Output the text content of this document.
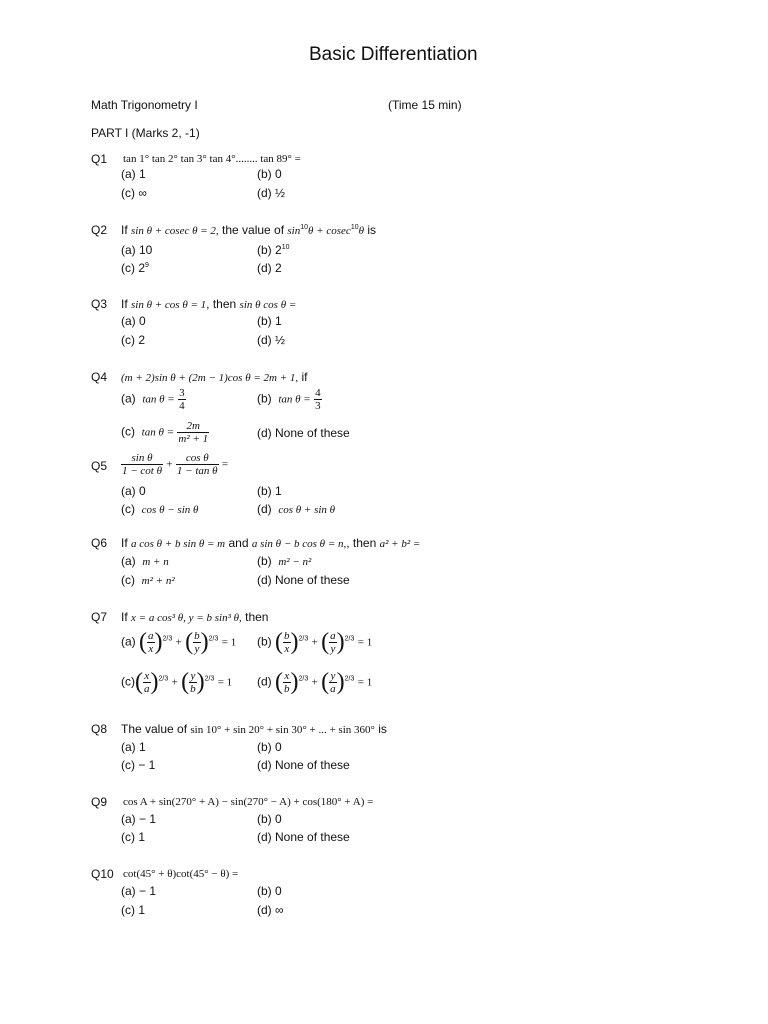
Basic Differentiation
Math Trigonometry I	(Time 15 min)
PART I (Marks 2, -1)
Q1 tan 1° tan 2° tan 3° tan 4°........ tan 89° =
(a) 1	(b) 0
(c) ∞	(d) ½
Q2 If sin θ + cosec θ = 2, the value of $\sin^{10}\theta + cosec^{10}\theta$ is
(a) 10	(b) $2^{10}$
(c) $2^9$	(d) 2
Q3 If sin θ + cos θ = 1, then sin θ cos θ =
(a) 0	(b) 1
(c) 2	(d) ½
Q4 (m + 2)sin θ + (2m − 1)cos θ = 2m + 1, if
(a) $\tan \theta = \frac{3}{4}$	(b) $\tan \theta = \frac{4}{3}$
(c) $\tan \theta = \frac{2m}{\text{m² + 1}}$	(d) None of these
$Q5 \frac{\text{sin θ}}{\text{1 − cot θ}} + \frac{\text{cos θ}}{\text{1 − tan θ}}$ =
(a) 0	(b) 1
(c) cos θ − sin θ	(d) cos θ + sin θ
Q6 If a cos θ + b sin θ = m and a sin θ − b cos θ = n,, then a² + b² =
(a) m + n	(b) m² − n²
(c) m² + n²	(d) None of these
Q7 If x = a cos³ θ, y = b sin³ θ, then
(a) ( $\frac{a}{x} )^{2/3}$ + ( $\frac{b}{y} )^{2/3} = 1$ (b) ( $\frac{b}{x} )^{2/3}$ + ( $\frac{a}{y} )^{2/3} = 1$
$(c)( \frac{x}{a} )^{2/3}$ + ( $\frac{y}{b} )^{2/3} = 1$ (d) ( $\frac{x}{b} )^{2/3}$ + ( $\frac{y}{a} )^{2/3} = 1$
Q8 The value of sin 10° + sin 20° + sin 30° + ... + sin 360° is
(a) 1	(b) 0
(c) − 1	(d) None of these
Q9 cos A + sin(270° + A) − sin(270° − A) + cos(180° + A) =
(a) − 1	(b) 0
(c) 1	(d) None of these
Q10 cot(45° + θ)cot(45° − θ) =
(a) − 1	(b) 0
(c) 1	(d) ∞
